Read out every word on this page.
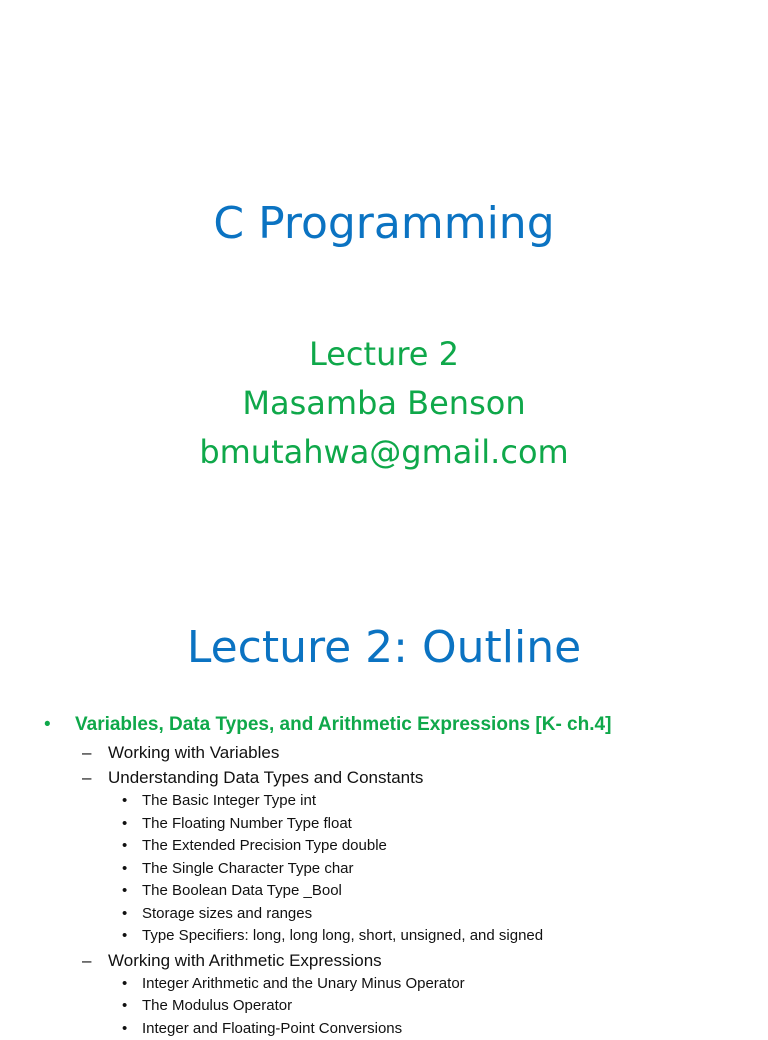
C Programming
Lecture 2
Masamba Benson
bmutahwa@gmail.com
Lecture 2: Outline
• Variables, Data Types, and Arithmetic Expressions [K- ch.4]
– Working with Variables
– Understanding Data Types and Constants
• The Basic Integer Type int
• The Floating Number Type float
• The Extended Precision Type double
• The Single Character Type char
• The Boolean Data Type _Bool
• Storage sizes and ranges
• Type Specifiers: long, long long, short, unsigned, and signed
– Working with Arithmetic Expressions
• Integer Arithmetic and the Unary Minus Operator
• The Modulus Operator
• Integer and Floating-Point Conversions
